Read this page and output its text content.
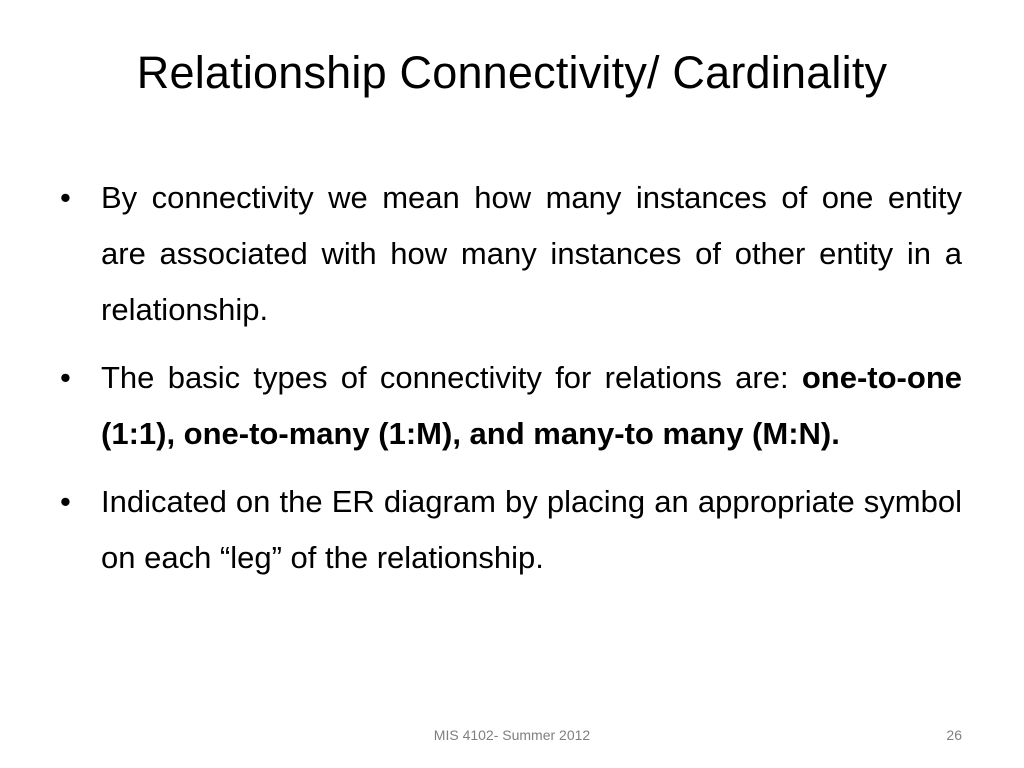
Relationship Connectivity/ Cardinality
• By connectivity we mean how many instances of one entity are associated with how many instances of other entity in a relationship.
• The basic types of connectivity for relations are: one-to-one (1:1), one-to-many (1:M), and many-to many (M:N).
• Indicated on the ER diagram by placing an appropriate symbol on each “leg” of the relationship.
MIS 4102- Summer 2012	26
